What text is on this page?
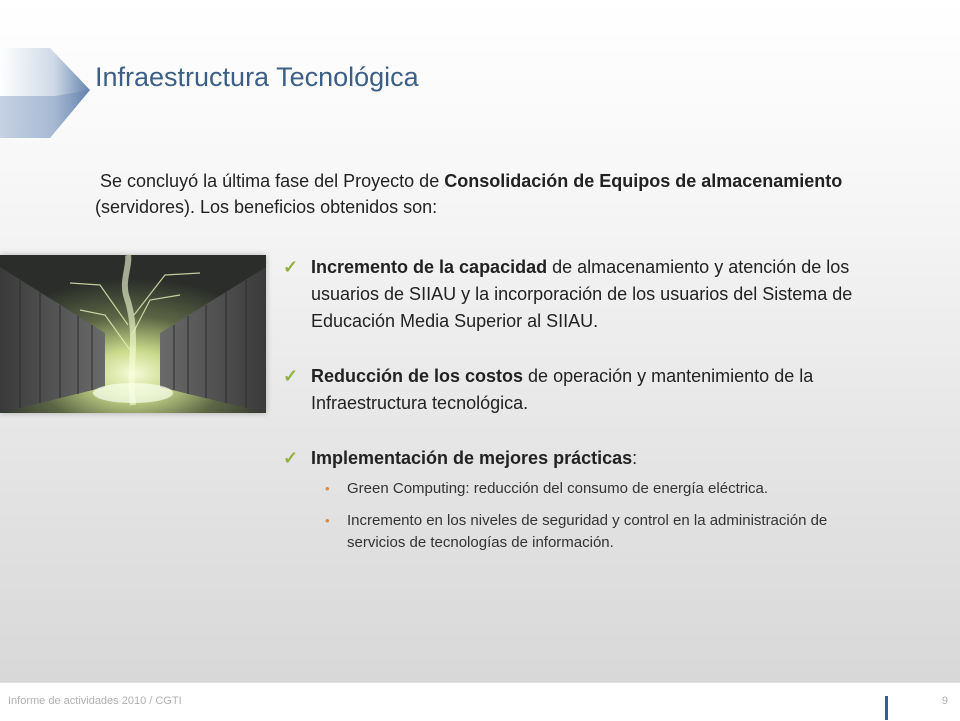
Infraestructura Tecnológica
Se concluyó la última fase del Proyecto de Consolidación de Equipos de almacenamiento (servidores). Los beneficios obtenidos son:
✓ Incremento de la capacidad de almacenamiento y atención de los usuarios de SIIAU y la incorporación de los usuarios del Sistema de Educación Media Superior al SIIAU.
✓ Reducción de los costos de operación y mantenimiento de la Infraestructura tecnológica.
✓ Implementación de mejores prácticas:
• Green Computing: reducción del consumo de energía eléctrica.
• Incremento en los niveles de seguridad y control en la administración de servicios de tecnologías de información.
Informe de actividades 2010 / CGTI	9
